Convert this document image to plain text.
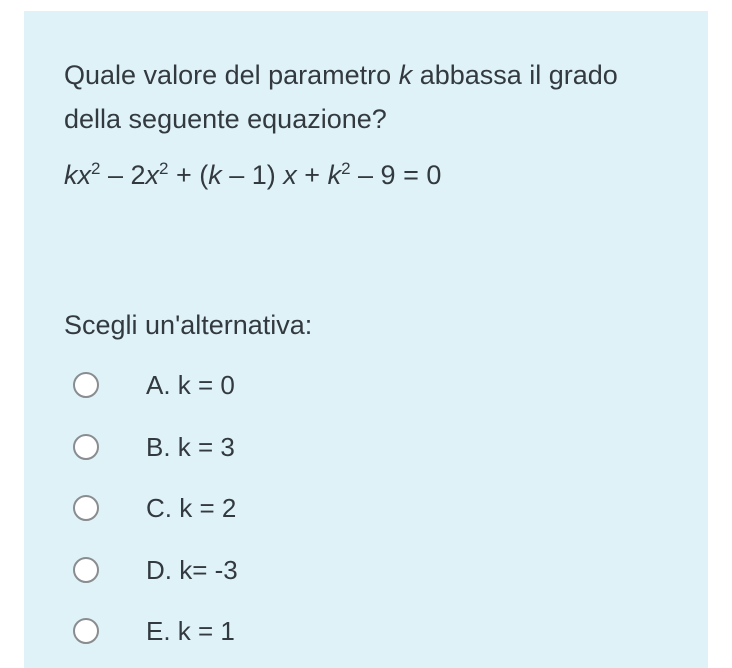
Quale valore del parametro k abbassa il grado della seguente equazione?
$kx^2 - 2x^2 + (k - 1) x + k^2 - 9 = 0$
Scegli un'alternativa:
A. k = 0
B. k = 3
C. k = 2
D. k= -3
E. k = 1
